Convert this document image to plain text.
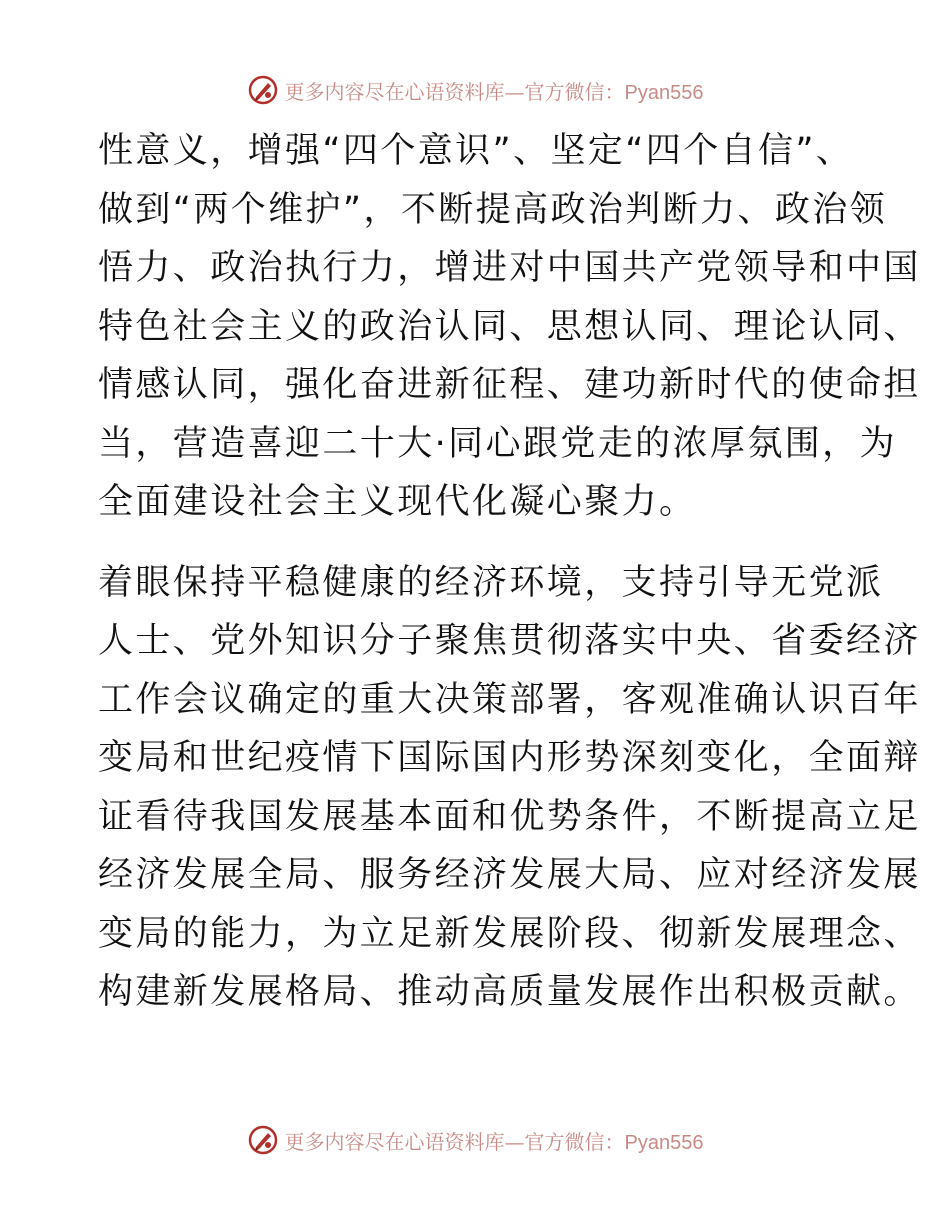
更多内容尽在心语资料库—官方微信：Pyan556

性意义，增强“四个意识”、坚定“四个自信”、
做到“两个维护”，不断提高政治判断力、政治领
悟力、政治执行力，增进对中国共产党领导和中国
特色社会主义的政治认同、思想认同、理论认同、
情感认同，强化奋进新征程、建功新时代的使命担
当，营造喜迎二十大·同心跟党走的浓厚氛围，为
全面建设社会主义现代化凝心聚力。

着眼保持平稳健康的经济环境，支持引导无党派
人士、党外知识分子聚焦贯彻落实中央、省委经济
工作会议确定的重大决策部署，客观准确认识百年
变局和世纪疫情下国际国内形势深刻变化，全面辩
证看待我国发展基本面和优势条件，不断提高立足
经济发展全局、服务经济发展大局、应对经济发展
变局的能力，为立足新发展阶段、彻新发展理念、
构建新发展格局、推动高质量发展作出积极贡献。

更多内容尽在心语资料库—官方微信：Pyan556
